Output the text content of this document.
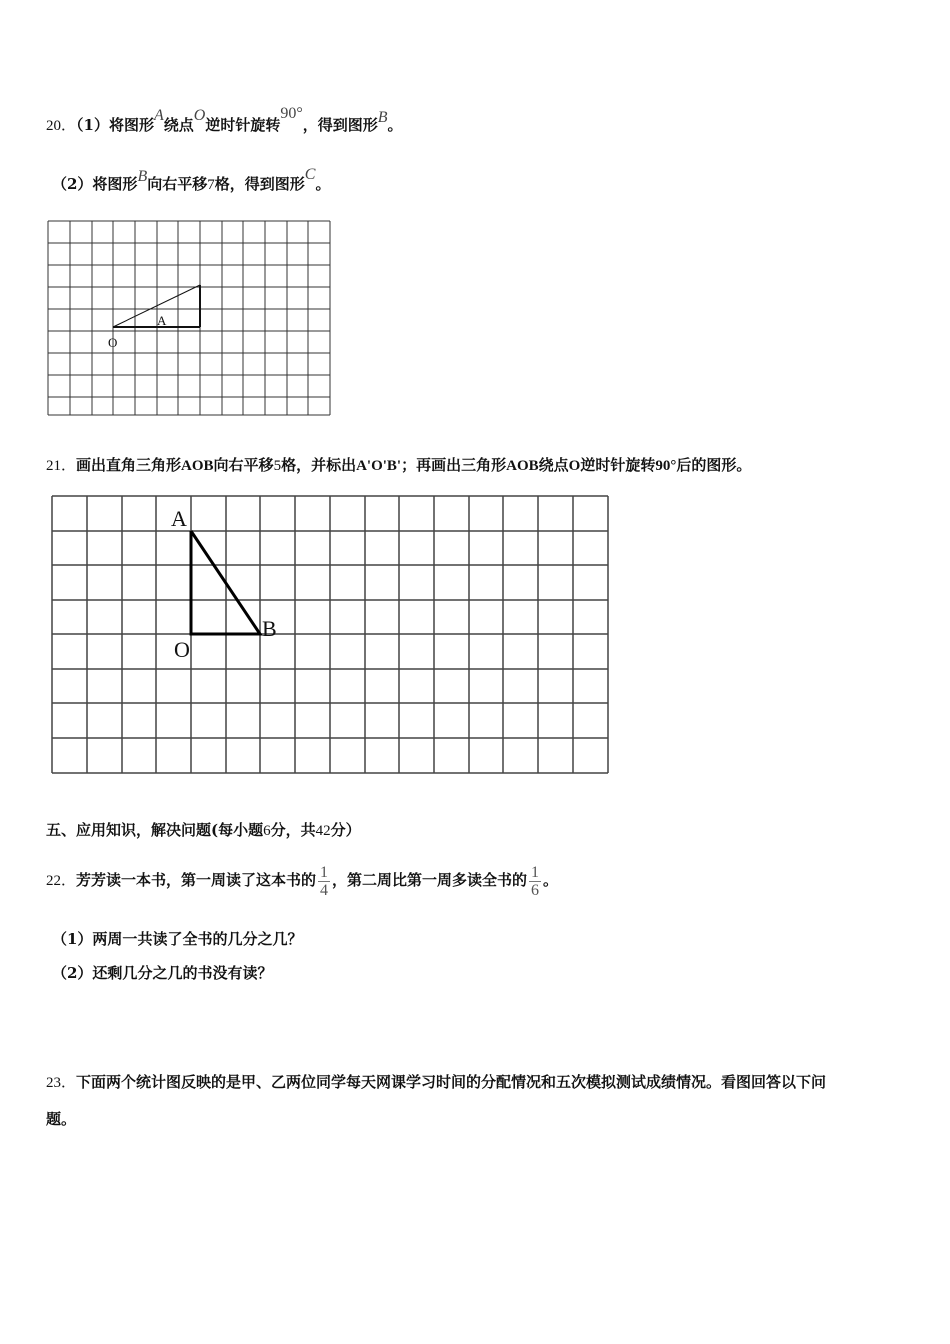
20．（1）将图形A绕点O逆时针旋转90°，得到图形B。
（2）将图形B向右平移7格，得到图形C。
A
O
21．画出直角三角形AOB向右平移5格，并标出A'O'B'；再画出三角形AOB绕点O逆时针旋转90°后的图形。
A
B
O
五、应用知识，解决问题(每小题6分，共42分）
22．芳芳读一本书，第一周读了这本书的 $\frac{1}{4}$ ，第二周比第一周多读全书的 $\frac{1}{6}$ 。
（1）两周一共读了全书的几分之几？
（2）还剩几分之几的书没有读？
23．下面两个统计图反映的是甲、乙两位同学每天网课学习时间的分配情况和五次模拟测试成绩情况。看图回答以下问
题。
